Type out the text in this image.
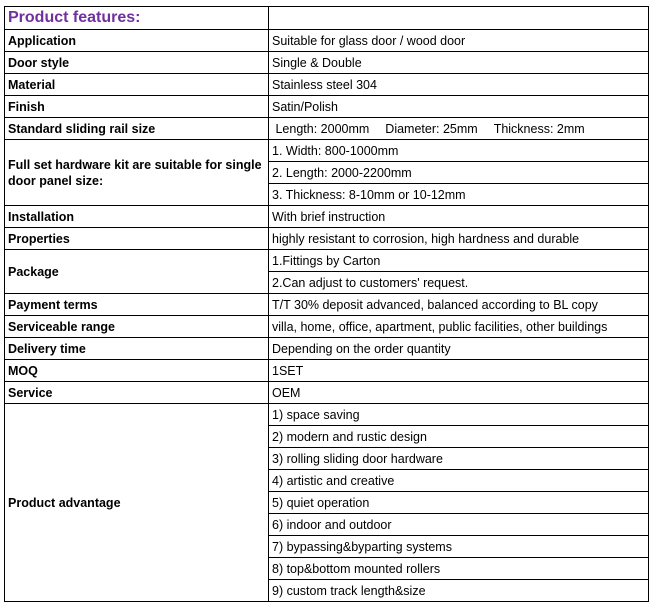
Product features:	
Application	Suitable for glass door / wood door
Door style	Single & Double
Material	Stainless steel 304
Finish	Satin/Polish
Standard sliding rail size	Length: 2000mm Diameter: 25mm Thickness: 2mm
Full set hardware kit are suitable for single door panel size:	1. Width: 800-1000mm
	2. Length: 2000-2200mm
	3. Thickness: 8-10mm or 10-12mm
Installation	With brief instruction
Properties	highly resistant to corrosion, high hardness and durable
Package	1.Fittings by Carton
	2.Can adjust to customers' request.
Payment terms	T/T 30% deposit advanced, balanced according to BL copy
Serviceable range	villa, home, office, apartment, public facilities, other buildings
Delivery time	Depending on the order quantity
MOQ	1SET
Service	OEM
Product advantage	1) space saving
	2) modern and rustic design
	3) rolling sliding door hardware
	4) artistic and creative
	5) quiet operation
	6) indoor and outdoor
	7) bypassing&byparting systems
	8) top&bottom mounted rollers
	9) custom track length&size
